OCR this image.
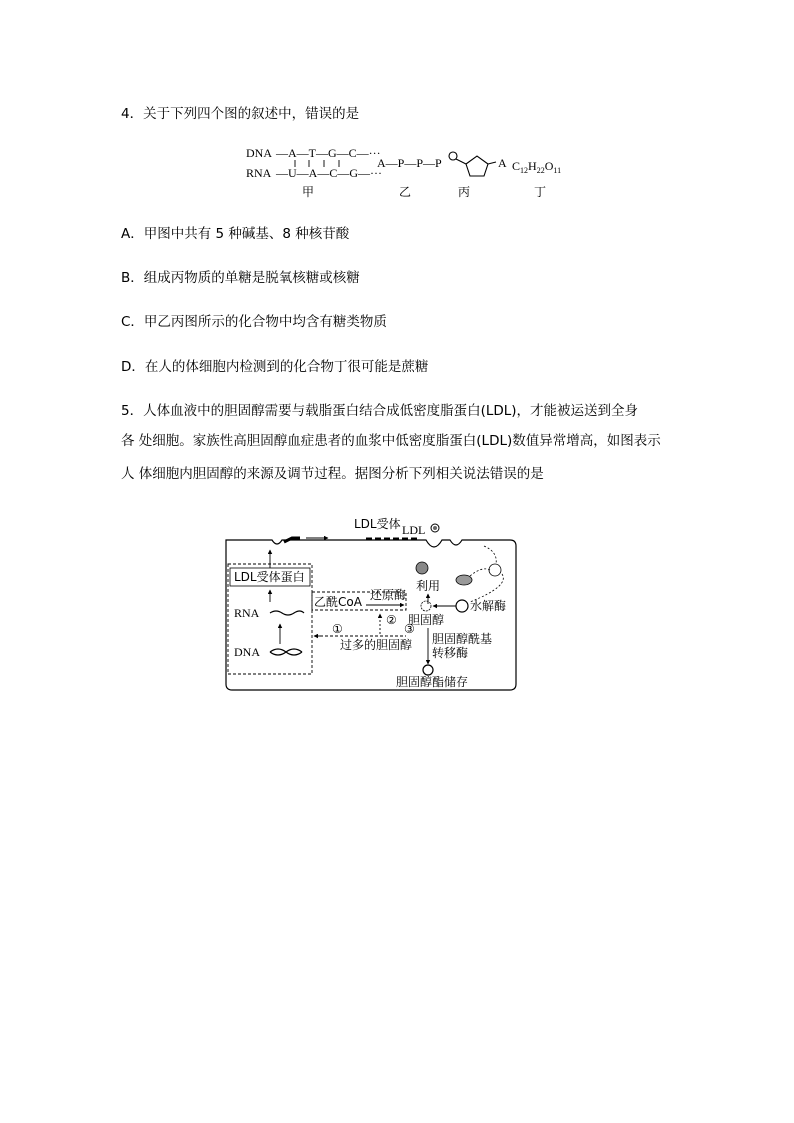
4．关于下列四个图的叙述中，错误的是
DNA —A—T—G—C—···
RNA —U—A—C—G—···
甲
A—P—P—P
乙
A
丙
$C_{12}H_{22}O_{11}$
丁
A．甲图中共有 5 种碱基、8 种核苷酸
B．组成丙物质的单糖是脱氧核糖或核糖
C．甲乙丙图所示的化合物中均含有糖类物质
D．在人的体细胞内检测到的化合物丁很可能是蔗糖
5．人体血液中的胆固醇需要与载脂蛋白结合成低密度脂蛋白(LDL)，才能被运送到全身
各 处细胞。家族性高胆固醇血症患者的血浆中低密度脂蛋白(LDL)数值异常增高，如图表示
人 体细胞内胆固醇的来源及调节过程。据图分析下列相关说法错误的是
LDL受体 LDL
LDL受体蛋白
RNA
DNA
乙酰CoA 还原酶
①
②
③
过多的胆固醇
利用
胆固醇
水解酶
胆固醇酰基
转移酶
胆固醇酯储存
